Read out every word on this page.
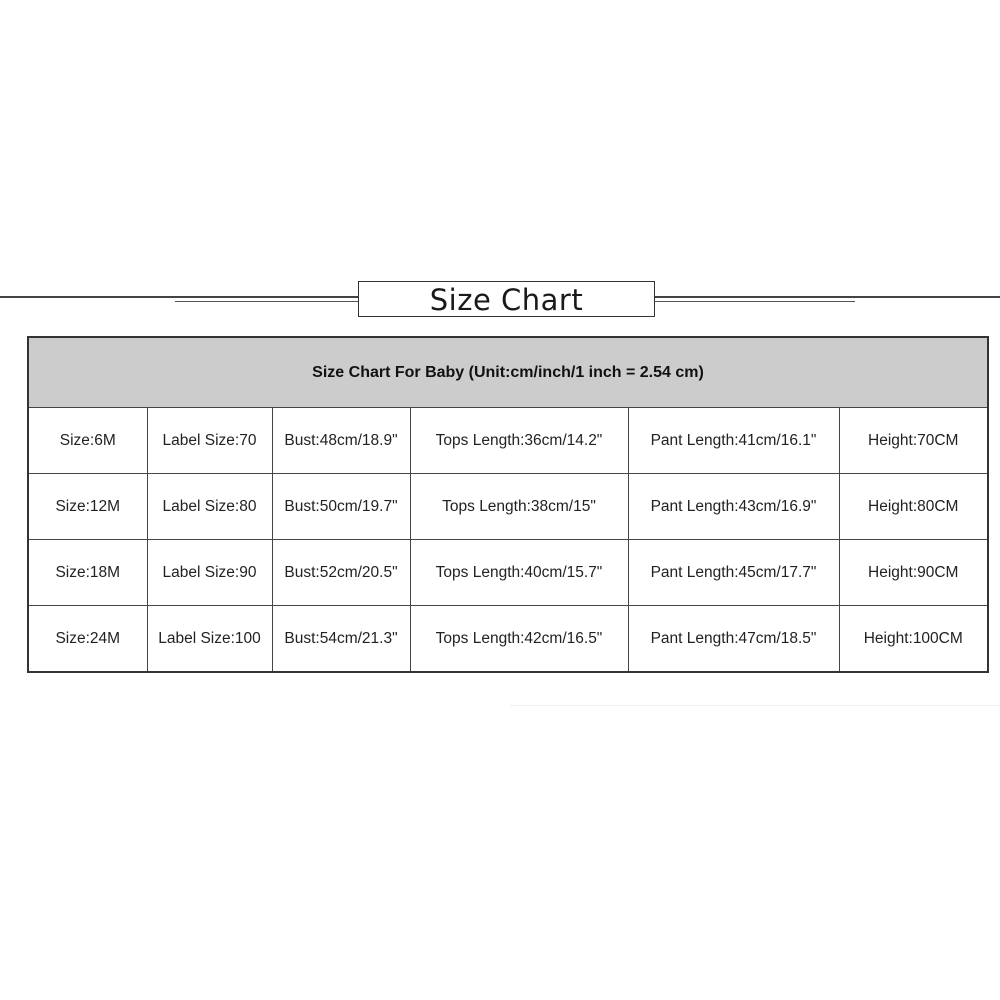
Size Chart
Size Chart For Baby (Unit:cm/inch/1 inch = 2.54 cm)					
Size:6M	Label Size:70	Bust:48cm/18.9"	Tops Length:36cm/14.2"	Pant Length:41cm/16.1"	Height:70CM
Size:12M	Label Size:80	Bust:50cm/19.7"	Tops Length:38cm/15"	Pant Length:43cm/16.9"	Height:80CM
Size:18M	Label Size:90	Bust:52cm/20.5"	Tops Length:40cm/15.7"	Pant Length:45cm/17.7"	Height:90CM
Size:24M	Label Size:100	Bust:54cm/21.3"	Tops Length:42cm/16.5"	Pant Length:47cm/18.5"	Height:100CM
